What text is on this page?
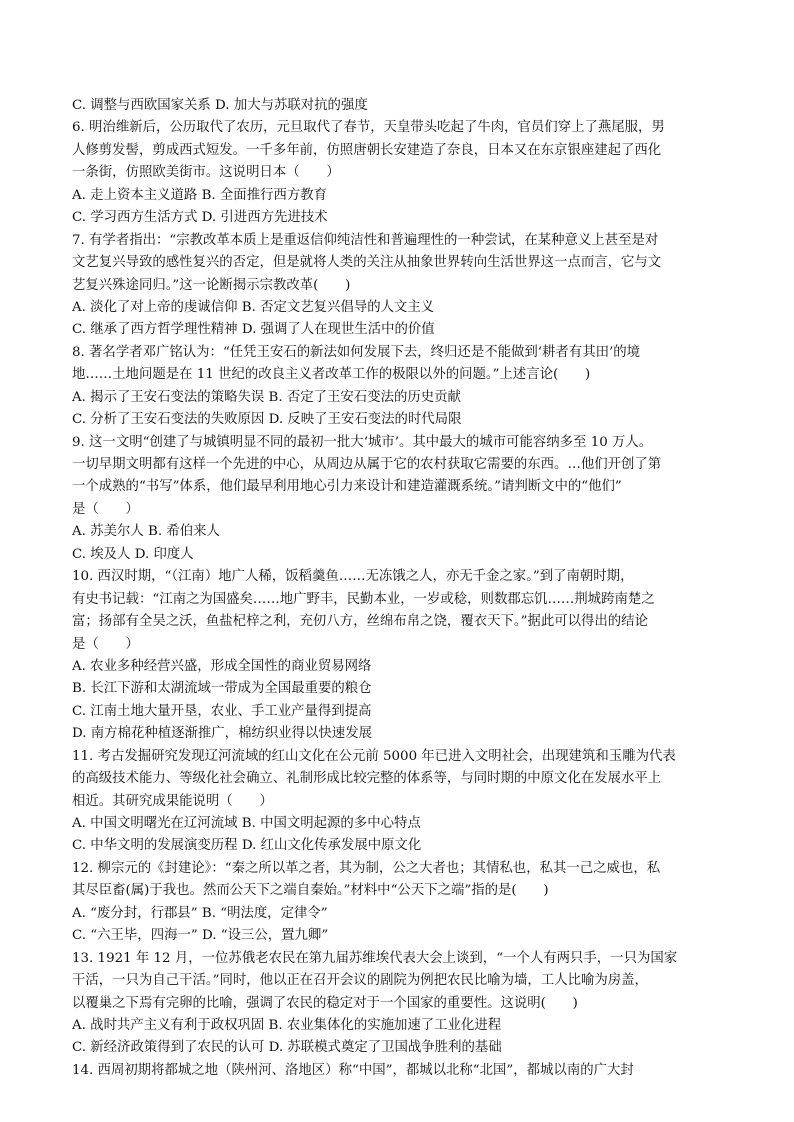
C. 调整与西欧国家关系 D. 加大与苏联对抗的强度
6. 明治维新后，公历取代了农历，元旦取代了春节，天皇带头吃起了牛肉，官员们穿上了燕尾服，男
人修剪发髻，剪成西式短发。一千多年前，仿照唐朝长安建造了奈良，日本又在东京银座建起了西化
一条街，仿照欧美街市。这说明日本（　　）
A. 走上资本主义道路 B. 全面推行西方教育
C. 学习西方生活方式 D. 引进西方先进技术
7. 有学者指出：“宗教改革本质上是重返信仰纯洁性和普遍理性的一种尝试，在某种意义上甚至是对
文艺复兴导致的感性复兴的否定，但是就将人类的关注从抽象世界转向生活世界这一点而言，它与文
艺复兴殊途同归。”这一论断揭示宗教改革(　　)
A. 淡化了对上帝的虔诚信仰 B. 否定文艺复兴倡导的人文主义
C. 继承了西方哲学理性精神 D. 强调了人在现世生活中的价值
8. 著名学者邓广铭认为：“任凭王安石的新法如何发展下去，终归还是不能做到‘耕者有其田’的境
地……土地问题是在 11 世纪的改良主义者改革工作的极限以外的问题。”上述言论(　　)
A. 揭示了王安石变法的策略失误 B. 否定了王安石变法的历史贡献
C. 分析了王安石变法的失败原因 D. 反映了王安石变法的时代局限
9. 这一文明“创建了与城镇明显不同的最初一批大‘城市’。其中最大的城市可能容纳多至 10 万人。
一切早期文明都有这样一个先进的中心，从周边从属于它的农村获取它需要的东西。…他们开创了第
一个成熟的“书写”体系，他们最早利用地心引力来设计和建造灌溉系统。”请判断文中的“他们”
是（　　）
A. 苏美尔人 B. 希伯来人
C. 埃及人 D. 印度人
10. 西汉时期，“（江南）地广人稀，饭稻羹鱼……无冻饿之人，亦无千金之家。”到了南朝时期，
有史书记载：“江南之为国盛矣……地广野丰，民勤本业，一岁或稔，则数郡忘饥……荆城跨南楚之
富；扬部有全吴之沃，鱼盐杞梓之利，充仞八方，丝绵布帛之饶，覆衣天下。”据此可以得出的结论
是（　　）
A. 农业多种经营兴盛，形成全国性的商业贸易网络
B. 长江下游和太湖流域一带成为全国最重要的粮仓
C. 江南土地大量开垦，农业、手工业产量得到提高
D. 南方棉花种植逐渐推广，棉纺织业得以快速发展
11. 考古发掘研究发现辽河流域的红山文化在公元前 5000 年已进入文明社会，出现建筑和玉雕为代表
的高级技术能力、等级化社会确立、礼制形成比较完整的体系等，与同时期的中原文化在发展水平上
相近。其研究成果能说明（　　）
A. 中国文明曙光在辽河流域 B. 中国文明起源的多中心特点
C. 中华文明的发展演变历程 D. 红山文化传承发展中原文化
12. 柳宗元的《封建论》：“秦之所以革之者，其为制，公之大者也；其情私也，私其一己之威也，私
其尽臣畜(属)于我也。然而公天下之端自秦始。”材料中“公天下之端”指的是(　　)
A. “废分封，行郡县” B. “明法度，定律令”
C. “六王毕，四海一” D. “设三公，置九卿”
13. 1921 年 12 月，一位苏俄老农民在第九届苏维埃代表大会上谈到，“一个人有两只手，一只为国家
干活，一只为自己干活。”同时，他以正在召开会议的剧院为例把农民比喻为墙，工人比喻为房盖，
以覆巢之下焉有完卵的比喻，强调了农民的稳定对于一个国家的重要性。这说明(　　)
A. 战时共产主义有利于政权巩固 B. 农业集体化的实施加速了工业化进程
C. 新经济政策得到了农民的认可 D. 苏联模式奠定了卫国战争胜利的基础
14. 西周初期将都城之地（陕州河、洛地区）称“中国”，都城以北称“北国”，都城以南的广大封
